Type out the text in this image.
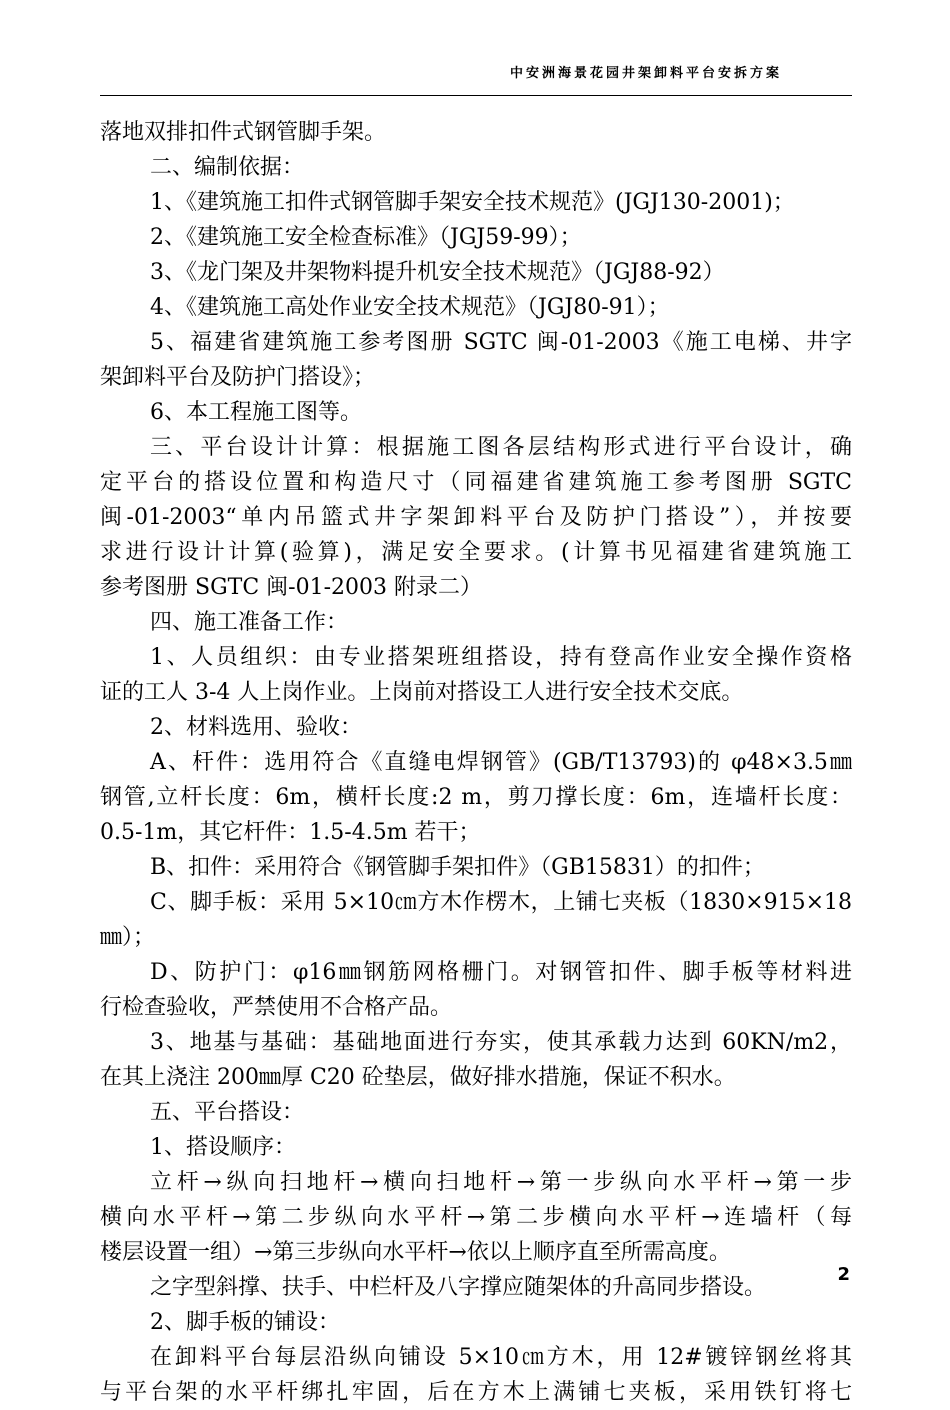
中安洲海景花园井架卸料平台安拆方案
落地双排扣件式钢管脚手架。
二、编制依据：
1、《建筑施工扣件式钢管脚手架安全技术规范》(JGJ130-2001)；
2、《建筑施工安全检查标准》（JGJ59-99）；
3、《龙门架及井架物料提升机安全技术规范》（JGJ88-92）
4、《建筑施工高处作业安全技术规范》（JGJ80-91）；
5、福建省建筑施工参考图册 SGTC 闽-01-2003《施工电梯、井字
架卸料平台及防护门搭设》；
6、本工程施工图等。
三、平台设计计算：根据施工图各层结构形式进行平台设计，确
定平台的搭设位置和构造尺寸（同福建省建筑施工参考图册 SGTC
闽-01-2003“单内吊篮式井字架卸料平台及防护门搭设”），并按要
求进行设计计算(验算)，满足安全要求。(计算书见福建省建筑施工
参考图册 SGTC 闽-01-2003 附录二）
四、施工准备工作：
1、人员组织：由专业搭架班组搭设，持有登高作业安全操作资格
证的工人 3-4 人上岗作业。上岗前对搭设工人进行安全技术交底。
2、材料选用、验收：
A、杆件：选用符合《直缝电焊钢管》(GB/T13793)的 φ48×3.5㎜
钢管,立杆长度：6m，横杆长度:2 m，剪刀撑长度：6m，连墙杆长度：
0.5-1m，其它杆件：1.5-4.5m 若干；
B、扣件：采用符合《钢管脚手架扣件》（GB15831）的扣件；
C、脚手板：采用 5×10㎝方木作楞木，上铺七夹板（1830×915×18
㎜）；
D、防护门：φ16㎜钢筋网格栅门。对钢管扣件、脚手板等材料进
行检查验收，严禁使用不合格产品。
3、地基与基础：基础地面进行夯实，使其承载力达到 60KN/m2，
在其上浇注 200㎜厚 C20 砼垫层，做好排水措施，保证不积水。
五、平台搭设：
1、搭设顺序：
立杆→纵向扫地杆→横向扫地杆→第一步纵向水平杆→第一步
横向水平杆→第二步纵向水平杆→第二步横向水平杆→连墙杆（每
楼层设置一组）→第三步纵向水平杆→依以上顺序直至所需高度。
之字型斜撑、扶手、中栏杆及八字撑应随架体的升高同步搭设。
2、脚手板的铺设：
在卸料平台每层沿纵向铺设 5×10㎝方木，用 12#镀锌钢丝将其
与平台架的水平杆绑扎牢固，后在方木上满铺七夹板，采用铁钉将七
2
